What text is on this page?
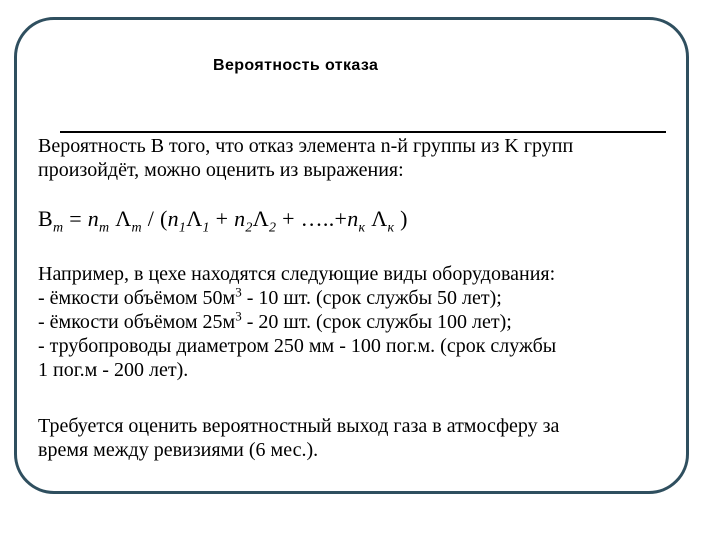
Вероятность отказа
Вероятность В того, что отказ элемента n-й группы из K групп
произойдёт, можно оценить из выражения:
$B_m = n_m$ $\Lambda_m / (n_1\Lambda_1 + n_2\Lambda_2$ + $\dots..+n_к$ $\Lambda_к$ )
Например, в цехе находятся следующие виды оборудования:
- ёмкости объёмом $50м^3 - 10$ шт. (срок службы 50 лет);
- ёмкости объёмом $25м^3 - 20$ шт. (срок службы 100 лет);
- трубопроводы диаметром 250 мм - 100 пог.м. (срок службы
1 пог.м - 200 лет).
Требуется оценить вероятностный выход газа в атмосферу за
время между ревизиями (6 мес.).
